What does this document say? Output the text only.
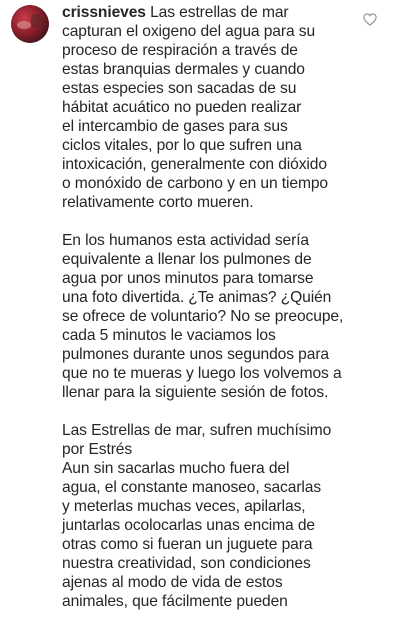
crissnieves Las estrellas de mar
capturan el oxigeno del agua para su
proceso de respiración a través de
estas branquias dermales y cuando
estas especies son sacadas de su
hábitat acuático no pueden realizar
el intercambio de gases para sus
ciclos vitales, por lo que sufren una
intoxicación, generalmente con dióxido
o monóxido de carbono y en un tiempo
relativamente corto mueren.

En los humanos esta actividad sería
equivalente a llenar los pulmones de
agua por unos minutos para tomarse
una foto divertida. ¿Te animas? ¿Quién
se ofrece de voluntario? No se preocupe,
cada 5 minutos le vaciamos los
pulmones durante unos segundos para
que no te mueras y luego los volvemos a
llenar para la siguiente sesión de fotos.

Las Estrellas de mar, sufren muchísimo
por Estrés
Aun sin sacarlas mucho fuera del
agua, el constante manoseo, sacarlas
y meterlas muchas veces, apilarlas,
juntarlas ocolocarlas unas encima de
otras como si fueran un juguete para
nuestra creatividad, son condiciones
ajenas al modo de vida de estos
animales, que fácilmente pueden
